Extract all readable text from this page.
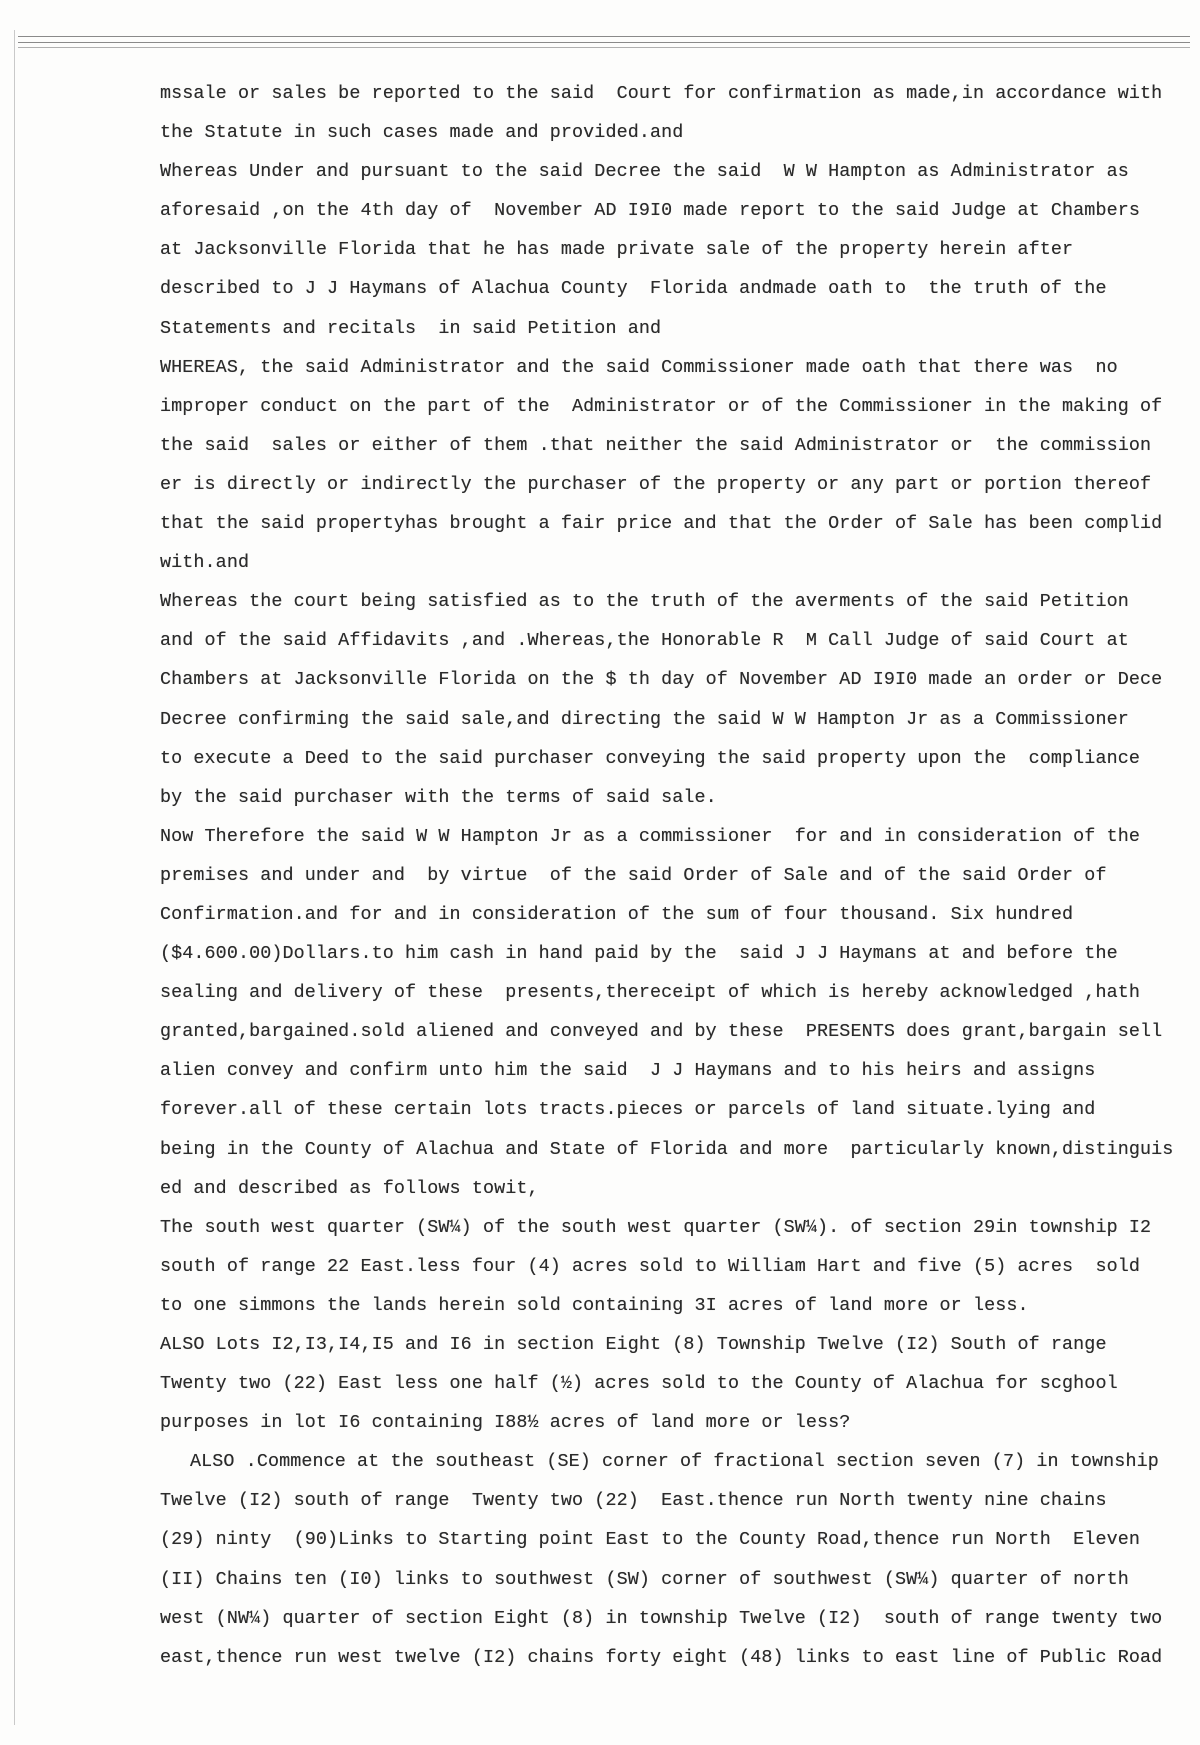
mssale or sales be reported to the said  Court for confirmation as made,in accordance with
the Statute in such cases made and provided.and
Whereas Under and pursuant to the said Decree the said  W W Hampton as Administrator as
aforesaid ,on the 4th day of  November AD I9I0 made report to the said Judge at Chambers
at Jacksonville Florida that he has made private sale of the property herein after
described to J J Haymans of Alachua County  Florida andmade oath to  the truth of the
Statements and recitals  in said Petition and
WHEREAS, the said Administrator and the said Commissioner made oath that there was  no
improper conduct on the part of the  Administrator or of the Commissioner in the making of
the said  sales or either of them .that neither the said Administrator or  the commission
er is directly or indirectly the purchaser of the property or any part or portion thereof
that the said propertyhas brought a fair price and that the Order of Sale has been complid
with.and
Whereas the court being satisfied as to the truth of the averments of the said Petition
and of the said Affidavits ,and .Whereas,the Honorable R  M Call Judge of said Court at
Chambers at Jacksonville Florida on the $ th day of November AD I9I0 made an order or Dece
Decree confirming the said sale,and directing the said W W Hampton Jr as a Commissioner
to execute a Deed to the said purchaser conveying the said property upon the  compliance
by the said purchaser with the terms of said sale.
Now Therefore the said W W Hampton Jr as a commissioner  for and in consideration of the
premises and under and  by virtue  of the said Order of Sale and of the said Order of
Confirmation.and for and in consideration of the sum of four thousand. Six hundred
($4.600.00)Dollars.to him cash in hand paid by the  said J J Haymans at and before the
sealing and delivery of these  presents,thereceipt of which is hereby acknowledged ,hath
granted,bargained.sold aliened and conveyed and by these  PRESENTS does grant,bargain sell
alien convey and confirm unto him the said  J J Haymans and to his heirs and assigns
forever.all of these certain lots tracts.pieces or parcels of land situate.lying and
being in the County of Alachua and State of Florida and more  particularly known,distinguis
ed and described as follows towit,
The south west quarter (SW¼) of the south west quarter (SW¼). of section 29in township I2
south of range 22 East.less four (4) acres sold to William Hart and five (5) acres  sold
to one simmons the lands herein sold containing 3I acres of land more or less.
ALSO Lots I2,I3,I4,I5 and I6 in section Eight (8) Township Twelve (I2) South of range
Twenty two (22) East less one half (½) acres sold to the County of Alachua for scghool
purposes in lot I6 containing I88½ acres of land more or less?
ALSO .Commence at the southeast (SE) corner of fractional section seven (7) in township
Twelve (I2) south of range  Twenty two (22)  East.thence run North twenty nine chains
(29) ninty  (90)Links to Starting point East to the County Road,thence run North  Eleven
(II) Chains ten (I0) links to southwest (SW) corner of southwest (SW¼) quarter of north
west (NW¼) quarter of section Eight (8) in township Twelve (I2)  south of range twenty two
east,thence run west twelve (I2) chains forty eight (48) links to east line of Public Road
